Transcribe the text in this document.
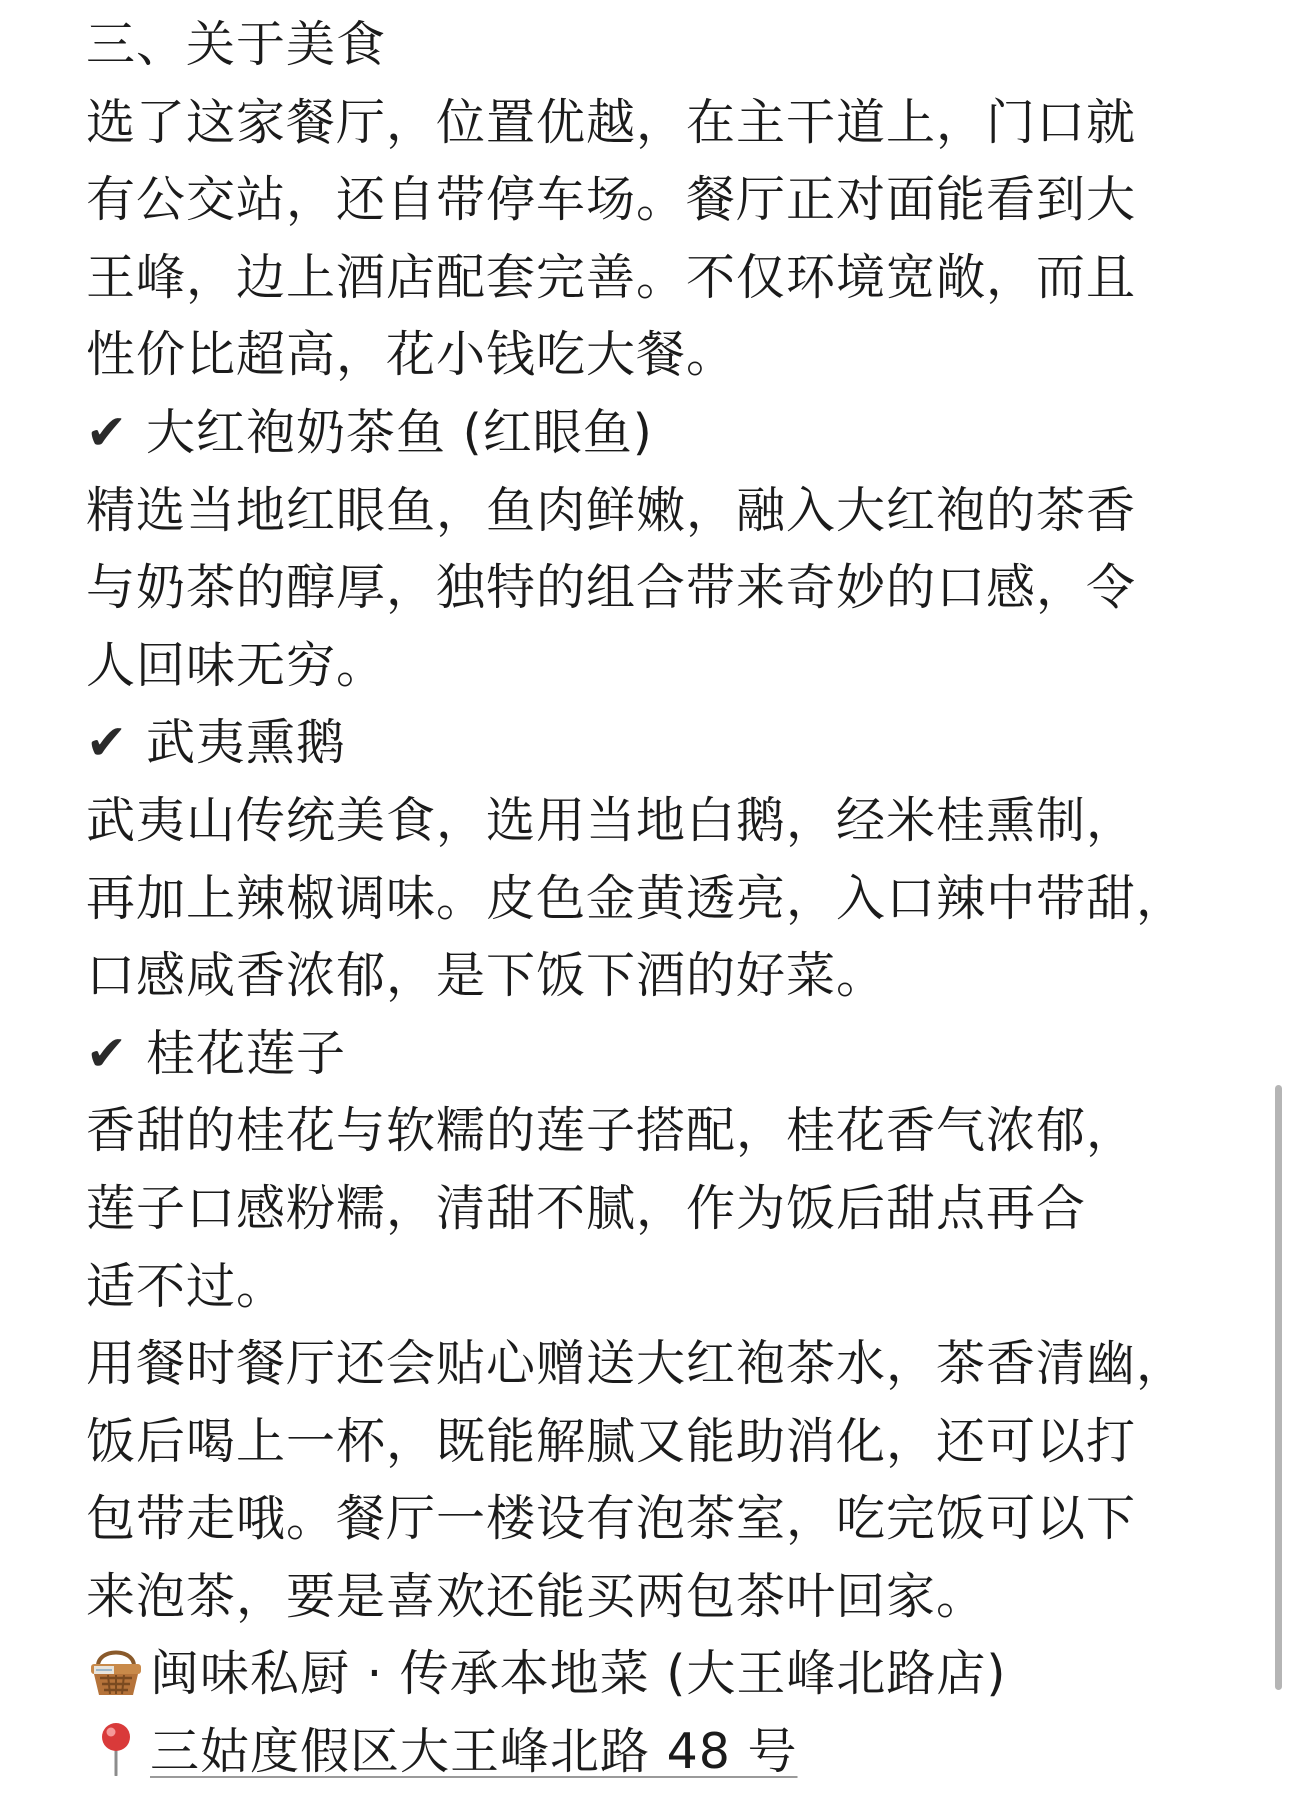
三、关于美食
选了这家餐厅，位置优越，在主干道上，门口就
有公交站，还自带停车场。餐厅正对面能看到大
王峰，边上酒店配套完善。不仅环境宽敞，而且
性价比超高，花小钱吃大餐。
✔ 大红袍奶茶鱼 (红眼鱼)
精选当地红眼鱼，鱼肉鲜嫩，融入大红袍的茶香
与奶茶的醇厚，独特的组合带来奇妙的口感，令
人回味无穷。
✔ 武夷熏鹅
武夷山传统美食，选用当地白鹅，经米桂熏制，
再加上辣椒调味。皮色金黄透亮，入口辣中带甜，
口感咸香浓郁，是下饭下酒的好菜。
✔ 桂花莲子
香甜的桂花与软糯的莲子搭配，桂花香气浓郁，
莲子口感粉糯，清甜不腻，作为饭后甜点再合
适不过。
用餐时餐厅还会贴心赠送大红袍茶水，茶香清幽，
饭后喝上一杯，既能解腻又能助消化，还可以打
包带走哦。餐厅一楼设有泡茶室，吃完饭可以下
来泡茶，要是喜欢还能买两包茶叶回家。
闽味私厨 · 传承本地菜 (大王峰北路店)
三姑度假区大王峰北路 48 号
